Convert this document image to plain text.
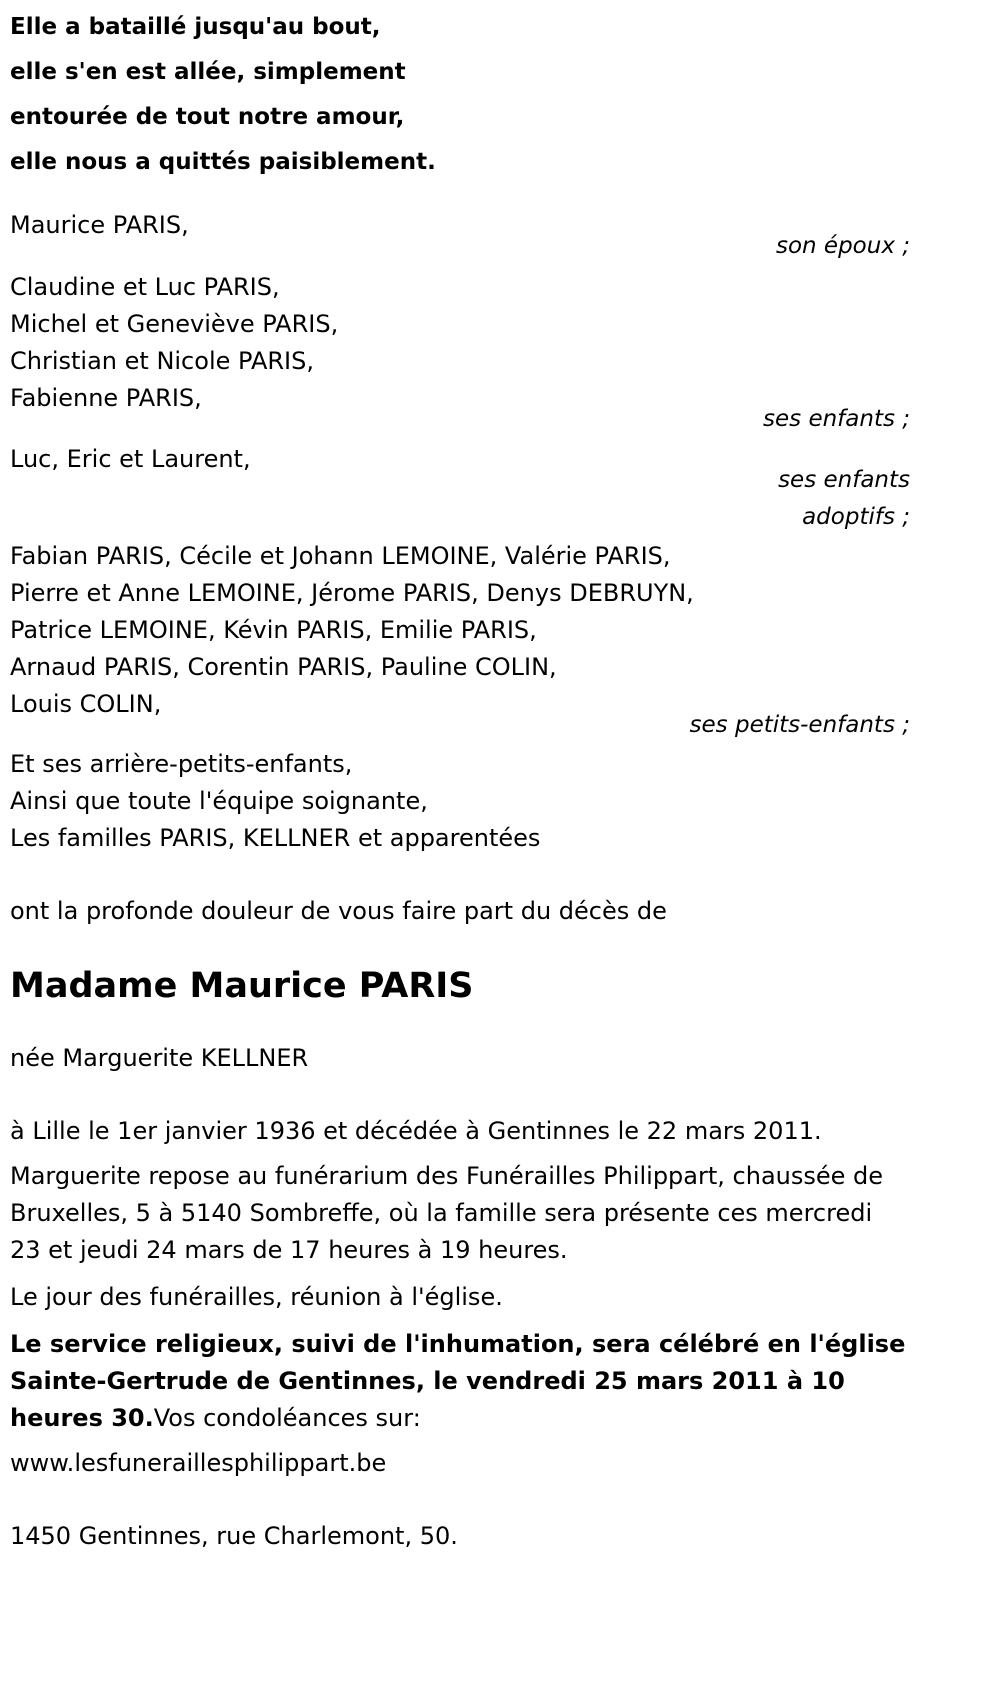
Elle a bataillé jusqu'au bout,
elle s'en est allée, simplement
entourée de tout notre amour,
elle nous a quittés paisiblement.
Maurice PARIS,
son époux ;
Claudine et Luc PARIS,
Michel et Geneviève PARIS,
Christian et Nicole PARIS,
Fabienne PARIS,
ses enfants ;
Luc, Eric et Laurent,
ses enfants
adoptifs ;
Fabian PARIS, Cécile et Johann LEMOINE, Valérie PARIS,
Pierre et Anne LEMOINE, Jérome PARIS, Denys DEBRUYN,
Patrice LEMOINE, Kévin PARIS, Emilie PARIS,
Arnaud PARIS, Corentin PARIS, Pauline COLIN,
Louis COLIN,
ses petits-enfants ;
Et ses arrière-petits-enfants,
Ainsi que toute l'équipe soignante,
Les familles PARIS, KELLNER et apparentées
ont la profonde douleur de vous faire part du décès de
Madame Maurice PARIS
née Marguerite KELLNER
à Lille le 1er janvier 1936 et décédée à Gentinnes le 22 mars 2011.
Marguerite repose au funérarium des Funérailles Philippart, chaussée de Bruxelles, 5 à 5140 Sombreffe, où la famille sera présente ces mercredi 23 et jeudi 24 mars de 17 heures à 19 heures.
Le jour des funérailles, réunion à l'église.
Le service religieux, suivi de l'inhumation, sera célébré en l'église Sainte-Gertrude de Gentinnes, le vendredi 25 mars 2011 à 10 heures 30.Vos condoléances sur:
www.lesfuneraillesphilippart.be
1450 Gentinnes, rue Charlemont, 50.
